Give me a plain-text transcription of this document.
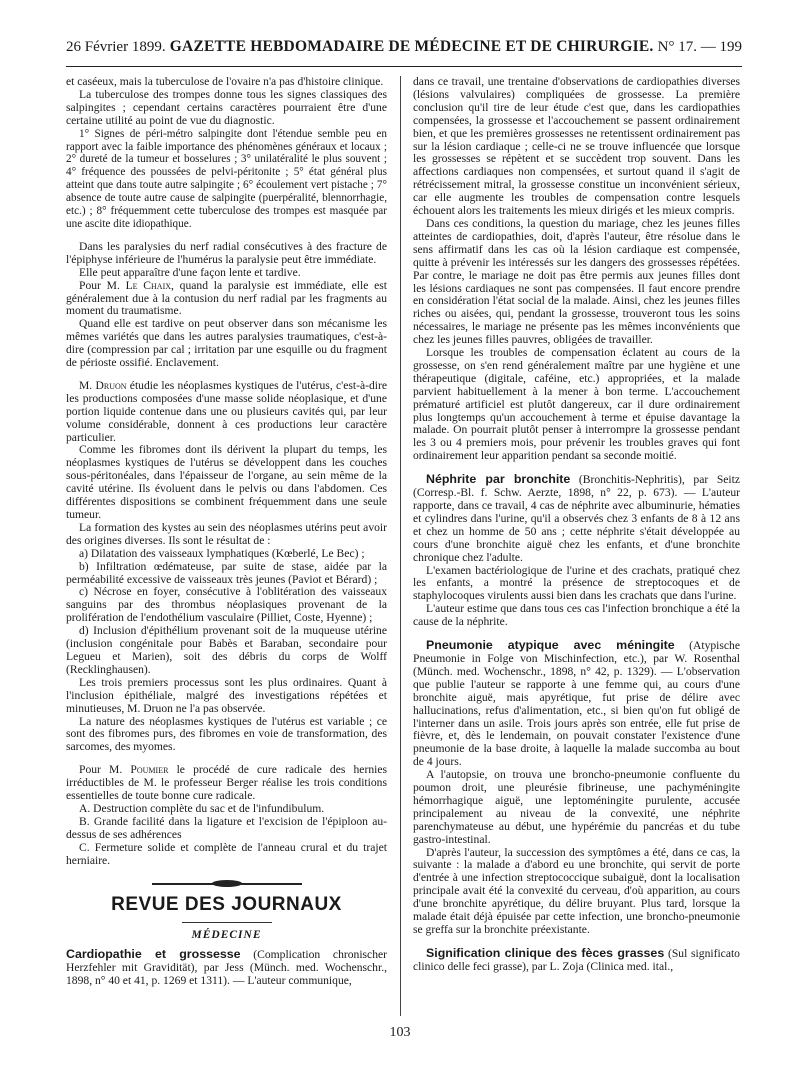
26 Février 1899. GAZETTE HEBDOMADAIRE DE MÉDECINE ET DE CHIRURGIE. N° 17. — 199

et caséeux, mais la tuberculose de l'ovaire n'a pas d'histoire clinique.

La tuberculose des trompes donne tous les signes classiques des salpingites ; cependant certains caractères pourraient être d'une certaine utilité au point de vue du diagnostic.

1° Signes de péri-métro salpingite dont l'étendue semble peu en rapport avec la faible importance des phénomènes généraux et locaux ; 2° dureté de la tumeur et bosselures ; 3° unilatéralité le plus souvent ; 4° fréquence des poussées de pelvi-péritonite ; 5° état général plus atteint que dans toute autre salpingite ; 6° écoulement vert pistache ; 7° absence de toute autre cause de salpingite (puerpéralité, blennorrhagie, etc.) ; 8° fréquemment cette tuberculose des trompes est masquée par une ascite dite idiopathique.

Dans les paralysies du nerf radial consécutives à des fracture de l'épiphyse inférieure de l'humérus la paralysie peut être immédiate.

Elle peut apparaître d'une façon lente et tardive.

Pour M. Le Chaix, quand la paralysie est immédiate, elle est généralement due à la contusion du nerf radial par les fragments au moment du traumatisme.

Quand elle est tardive on peut observer dans son mécanisme les mêmes variétés que dans les autres paralysies traumatiques, c'est-à-dire (compression par cal ; irritation par une esquille ou du fragment de périoste ossifié. Enclavement.

M. Druon étudie les néoplasmes kystiques de l'utérus, c'est-à-dire les productions composées d'une masse solide néoplasique, et d'une portion liquide contenue dans une ou plusieurs cavités qui, par leur volume considérable, donnent à ces productions leur caractère particulier.

Comme les fibromes dont ils dérivent la plupart du temps, les néoplasmes kystiques de l'utérus se développent dans les couches sous-péritonéales, dans l'épaisseur de l'organe, au sein même de la cavité utérine. Ils évoluent dans le pelvis ou dans l'abdomen. Ces différentes dispositions se combinent fréquemment dans une seule tumeur.

La formation des kystes au sein des néoplasmes utérins peut avoir des origines diverses. Ils sont le résultat de :

a) Dilatation des vaisseaux lymphatiques (Kœberlé, Le Bec) ;

b) Infiltration œdémateuse, par suite de stase, aidée par la perméabilité excessive de vaisseaux très jeunes (Paviot et Bérard) ;

c) Nécrose en foyer, consécutive à l'oblitération des vaisseaux sanguins par des thrombus néoplasiques provenant de la prolifération de l'endothélium vasculaire (Pilliet, Coste, Hyenne) ;

d) Inclusion d'épithélium provenant soit de la muqueuse utérine (inclusion congénitale pour Babès et Baraban, secondaire pour Legueu et Marien), soit des débris du corps de Wolff (Recklinghausen).

Les trois premiers processus sont les plus ordinaires. Quant à l'inclusion épithéliale, malgré des investigations répétées et minutieuses, M. Druon ne l'a pas observée.

La nature des néoplasmes kystiques de l'utérus est variable ; ce sont des fibromes purs, des fibromes en voie de transformation, des sarcomes, des myomes.

Pour M. Poumier le procédé de cure radicale des hernies irréductibles de M. le professeur Berger réalise les trois conditions essentielles de toute bonne cure radicale.

A. Destruction complète du sac et de l'infundibulum.

B. Grande facilité dans la ligature et l'excision de l'épiploon au-dessus de ses adhérences

C. Fermeture solide et complète de l'anneau crural et du trajet herniaire.

REVUE DES JOURNAUX
MÉDECINE

Cardiopathie et grossesse (Complication chronischer Herzfehler mit Gravidität), par Jess (Münch. med. Wochenschr., 1898, n° 40 et 41, p. 1269 et 1311). — L'auteur communique,

dans ce travail, une trentaine d'observations de cardiopathies diverses (lésions valvulaires) compliquées de grossesse. La première conclusion qu'il tire de leur étude c'est que, dans les cardiopathies compensées, la grossesse et l'accouchement se passent ordinairement bien, et que les premières grossesses ne retentissent ordinairement pas sur la lésion cardiaque ; celle-ci ne se trouve influencée que lorsque les grossesses se répètent et se succèdent trop souvent. Dans les affections cardiaques non compensées, et surtout quand il s'agit de rétrécissement mitral, la grossesse constitue un inconvénient sérieux, car elle augmente les troubles de compensation contre lesquels échouent alors les traitements les mieux dirigés et les mieux compris.

Dans ces conditions, la question du mariage, chez les jeunes filles atteintes de cardiopathies, doit, d'après l'auteur, être résolue dans le sens affirmatif dans les cas où la lésion cardiaque est compensée, quitte à prévenir les intéressés sur les dangers des grossesses répétées. Par contre, le mariage ne doit pas être permis aux jeunes filles dont les lésions cardiaques ne sont pas compensées. Il faut encore prendre en considération l'état social de la malade. Ainsi, chez les jeunes filles riches ou aisées, qui, pendant la grossesse, trouveront tous les soins nécessaires, le mariage ne présente pas les mêmes inconvénients que chez les jeunes filles pauvres, obligées de travailler.

Lorsque les troubles de compensation éclatent au cours de la grossesse, on s'en rend généralement maître par une hygiène et une thérapeutique (digitale, caféine, etc.) appropriées, et la malade parvient habituellement à la mener à bon terme. L'accouchement prématuré artificiel est plutôt dangereux, car il dure ordinairement plus longtemps qu'un accouchement à terme et épuise davantage la malade. On pourrait plutôt penser à interrompre la grossesse pendant les 3 ou 4 premiers mois, pour prévenir les troubles graves qui font ordinairement leur apparition pendant sa seconde moitié.

Néphrite par bronchite (Bronchitis-Nephritis), par Seitz (Corresp.-Bl. f. Schw. Aerzte, 1898, n° 22, p. 673). — L'auteur rapporte, dans ce travail, 4 cas de néphrite avec albuminurie, hématies et cylindres dans l'urine, qu'il a observés chez 3 enfants de 8 à 12 ans et chez un homme de 50 ans ; cette néphrite s'était développée au cours d'une bronchite aiguë chez les enfants, et d'une bronchite chronique chez l'adulte.

L'examen bactériologique de l'urine et des crachats, pratiqué chez les enfants, a montré la présence de streptocoques et de staphylocoques virulents aussi bien dans les crachats que dans l'urine.

L'auteur estime que dans tous ces cas l'infection bronchique a été la cause de la néphrite.

Pneumonie atypique avec méningite (Atypische Pneumonie in Folge von Mischinfection, etc.), par W. Rosenthal (Münch. med. Wochenschr., 1898, n° 42, p. 1329). — L'observation que publie l'auteur se rapporte à une femme qui, au cours d'une bronchite aiguë, mais apyrétique, fut prise de délire avec hallucinations, refus d'alimentation, etc., si bien qu'on fut obligé de l'interner dans un asile. Trois jours après son entrée, elle fut prise de fièvre, et, dès le lendemain, on pouvait constater l'existence d'une pneumonie de la base droite, à laquelle la malade succomba au bout de 4 jours.

A l'autopsie, on trouva une broncho-pneumonie confluente du poumon droit, une pleurésie fibrineuse, une pachyméningite hémorrhagique aiguë, une leptoméningite purulente, accusée principalement au niveau de la convexité, une néphrite parenchymateuse au début, une hypérémie du pancréas et du tube gastro-intestinal.

D'après l'auteur, la succession des symptômes a été, dans ce cas, la suivante : la malade a d'abord eu une bronchite, qui servit de porte d'entrée à une infection streptococcique subaiguë, dont la localisation principale avait été la convexité du cerveau, d'où apparition, au cours d'une bronchite apyrétique, du délire bruyant. Plus tard, lorsque la malade était déjà épuisée par cette infection, une broncho-pneumonie se greffa sur la bronchite préexistante.

Signification clinique des fèces grasses (Sul significato clinico delle feci grasse), par L. Zoja (Clinica med. ital.,

103
